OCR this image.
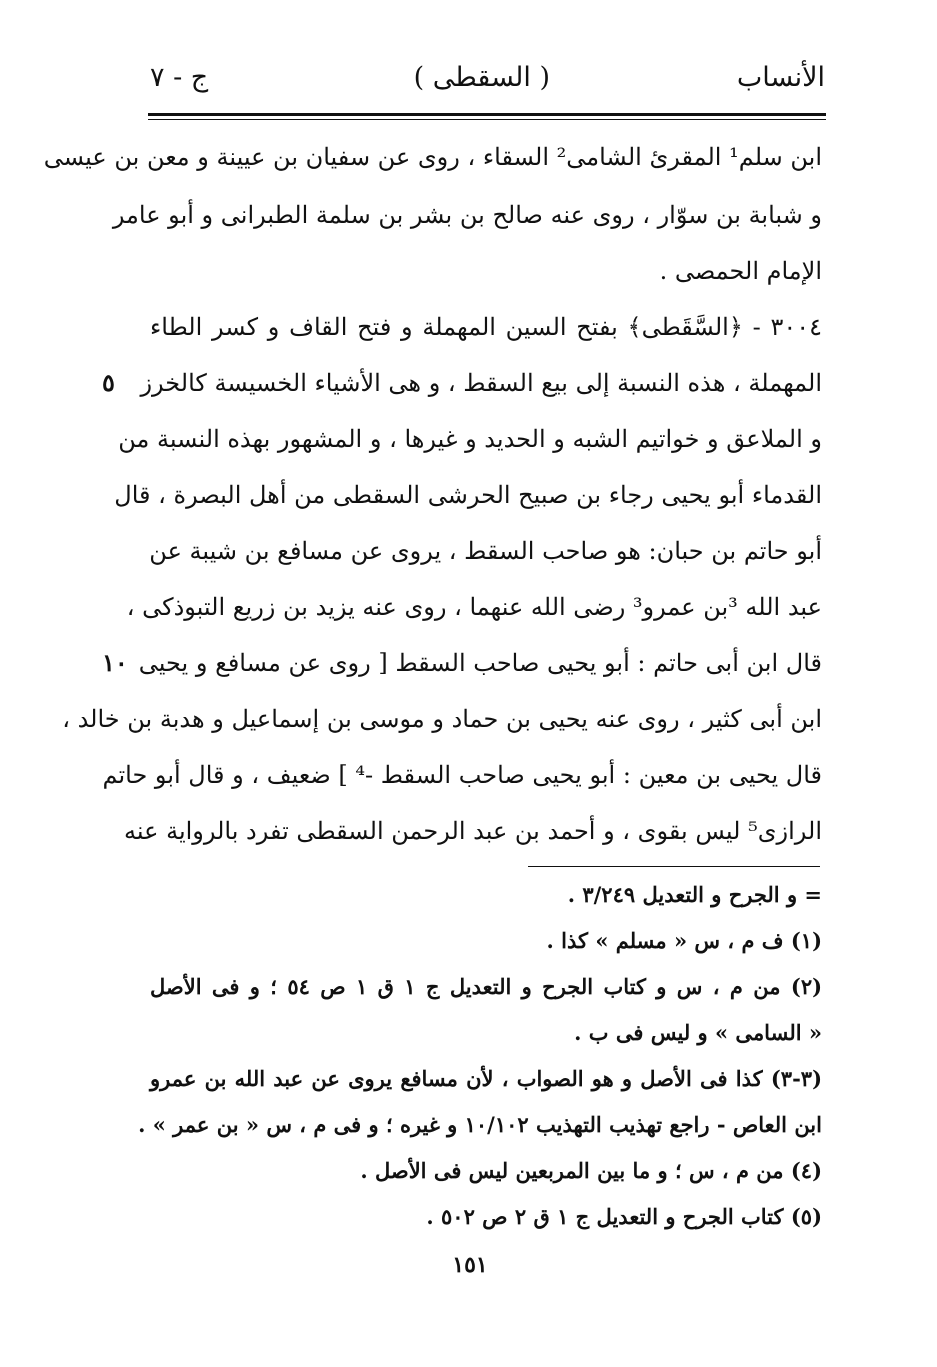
الأنساب
( السقطى )
ج - ٧
ابن سلم¹ المقرئ الشامى² السقاء ، روى عن سفيان بن عيينة و معن بن عيسى
و شبابة بن سوّار ، روى عنه صالح بن بشر بن سلمة الطبرانى و أبو عامر
الإمام الحمصى .
٣٠٠٤ - ﴿السَّقَطى﴾ بفتح السين المهملة و فتح القاف و كسر الطاء
المهملة ، هذه النسبة إلى بيع السقط ، و هى الأشياء الخسيسة كالخرز
و الملاعق و خواتيم الشبه و الحديد و غيرها ، و المشهور بهذه النسبة من
القدماء أبو يحيى رجاء بن صبيح الحرشى السقطى من أهل البصرة ، قال
أبو حاتم بن حبان: هو صاحب السقط ، يروى عن مسافع بن شيبة عن
عبد الله ³بن عمرو³ رضى الله عنهما ، روى عنه يزيد بن زريع التبوذكى ،
قال ابن أبى حاتم : أبو يحيى صاحب السقط [ روى عن مسافع و يحيى
ابن أبى كثير ، روى عنه يحيى بن حماد و موسى بن إسماعيل و هدبة بن خالد ،
قال يحيى بن معين : أبو يحيى صاحب السقط -⁴ ] ضعيف ، و قال أبو حاتم
الرازى⁵ ليس بقوى ، و أحمد بن عبد الرحمن السقطى تفرد بالرواية عنه
٥
١٠
= و الجرح و التعديل ٣/٢٤٩ .
(١) ف م ، س « مسلم » كذا .
(٢) من م ، س و كتاب الجرح و التعديل ج ١ ق ١ ص ٥٤ ؛ و فى الأصل
« السامى » و ليس فى ب .
(٣-٣) كذا فى الأصل و هو الصواب ، لأن مسافع يروى عن عبد الله بن عمرو
ابن العاص - راجع تهذيب التهذيب ١٠/١٠٢ و غيره ؛ و فى م ، س « بن عمر » .
(٤) من م ، س ؛ و ما بين المربعين ليس فى الأصل .
(٥) كتاب الجرح و التعديل ج ١ ق ٢ ص ٥٠٢ .
١٥١
